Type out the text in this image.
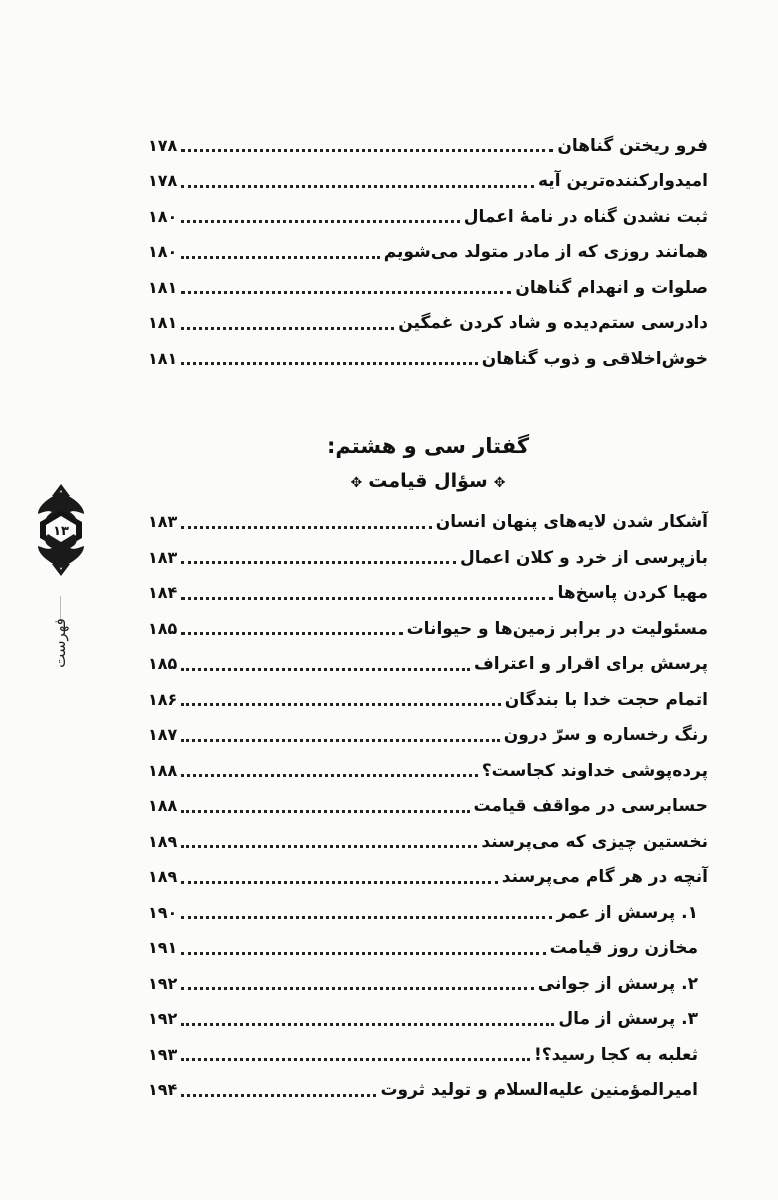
فرو ریختن گناهان
۱۷۸
امیدوارکننده‌ترین آیه
۱۷۸
ثبت نشدن گناه در نامهٔ اعمال
۱۸۰
همانند روزی که از مادر متولد می‌شویم
۱۸۰
صلوات و انهدام گناهان
۱۸۱
دادرسی ستم‌دیده و شاد کردن غمگین
۱۸۱
خوش‌اخلاقی و ذوب گناهان
۱۸۱
گفتار سی و هشتم:
✥سؤال قیامت✥
آشکار شدن لایه‌های پنهان انسان
۱۸۳
بازپرسی از خرد و کلان اعمال
۱۸۳
مهیا کردن پاسخ‌ها
۱۸۴
مسئولیت در برابر زمین‌ها و حیوانات
۱۸۵
پرسش برای اقرار و اعتراف
۱۸۵
اتمام حجت خدا با بندگان
۱۸۶
رنگ رخساره و سرّ درون
۱۸۷
پرده‌پوشی خداوند کجاست؟
۱۸۸
حسابرسی در مواقف قیامت
۱۸۸
نخستین چیزی که می‌پرسند
۱۸۹
آنچه در هر گام می‌پرسند
۱۸۹
۱. پرسش از عمر
۱۹۰
مخازن روز قیامت
۱۹۱
۲. پرسش از جوانی
۱۹۲
۳. پرسش از مال
۱۹۲
ثعلبه به کجا رسید؟!
۱۹۳
امیرالمؤمنین علیه‌السلام و تولید ثروت
۱۹۴
۱۳
فهرست
